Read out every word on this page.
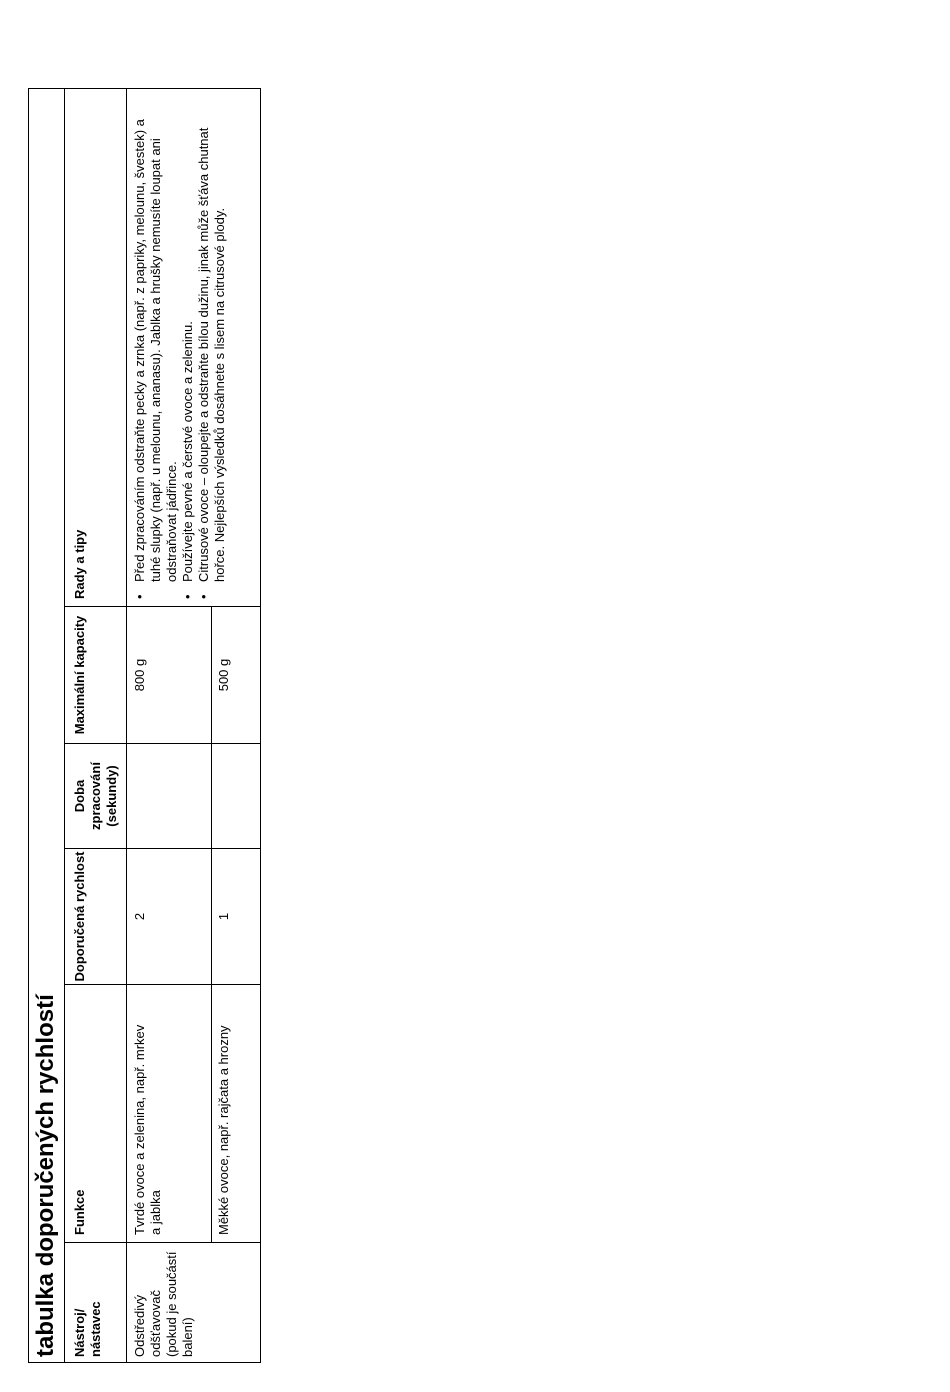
tabulka doporučených rychlostí Nástroj/ nástavec
Funkce
Doporučená rychlost
Doba zpracování (sekundy)
Maximální kapacity
Rady a tipy
Odstředivý odšťavovač (pokud je součástí balení)
Tvrdé ovoce a zelenina, např. mrkev a jablka
2
800 g
Měkké ovoce, např. rajčata a hrozny
1
500 g
• Před zpracováním odstraňte pecky a zrnka (např. z papriky, melounu, švestek) a tuhé slupky (např. u melounu, ananasu). Jablka a hrušky nemusíte loupat ani odstraňovat jádřince. • Používejte pevné a čerstvé ovoce a zeleninu. • Citrusové ovoce – oloupejte a odstraňte bílou dužinu, jinak může šťáva chutnat hořce. Nejlepších výsledků dosáhnete s lisem na citrusové plody.
